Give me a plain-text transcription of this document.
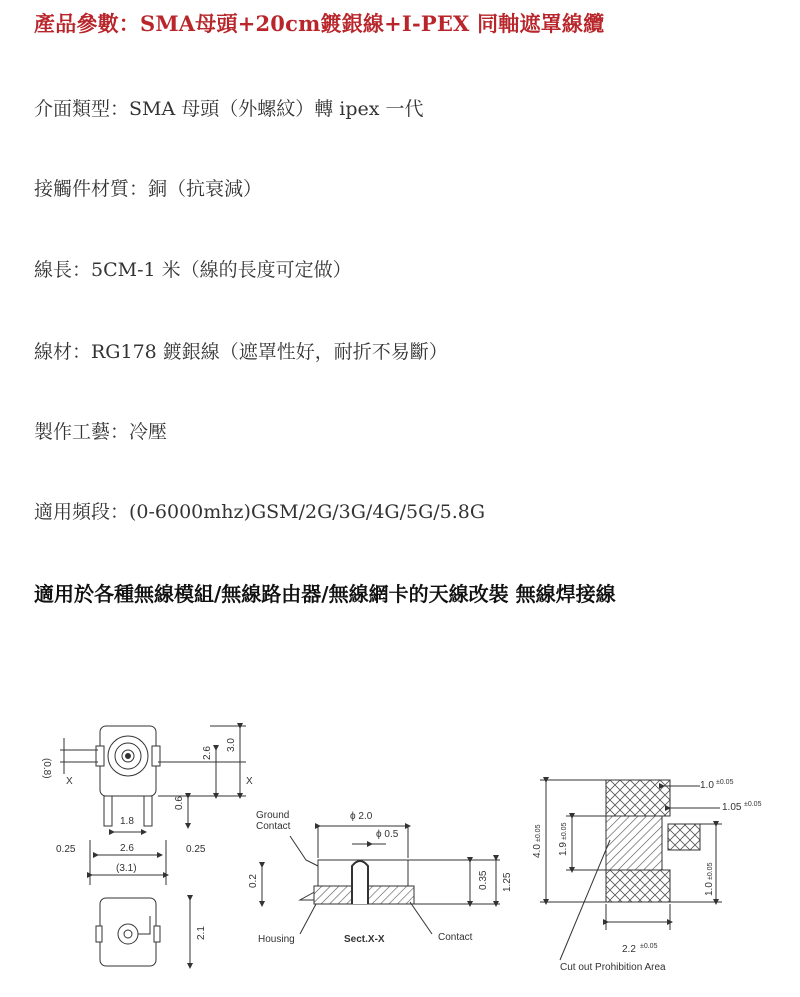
產品參數：SMA母頭+20cm鍍銀線+I-PEX 同軸遮罩線纜
介面類型：SMA 母頭（外螺紋）轉 ipex 一代
接觸件材質：銅（抗衰減）
線長：5CM-1 米（線的長度可定做）
線材：RG178 鍍銀線（遮罩性好，耐折不易斷）
製作工藝：冷壓
適用頻段：(0-6000mhz)GSM/2G/3G/4G/5G/5.8G
適用於各種無線模組/無線路由器/無線網卡的天線改裝 無線焊接線
(0.8)
X	X
2.6
3.0
0.6
1.8
0.25	2.6	0.25
(3.1)
2.1
Ground Contact
ϕ 2.0
ϕ 0.5
0.2	0.35 1.25
Housing	Sect.X-X	Contact
1.0 ±0.05
1.05 ±0.05
4.0
±0.05
1.9
±0.05
1.0
±0.05
2.2 ±0.05
Cut out Prohibition Area
